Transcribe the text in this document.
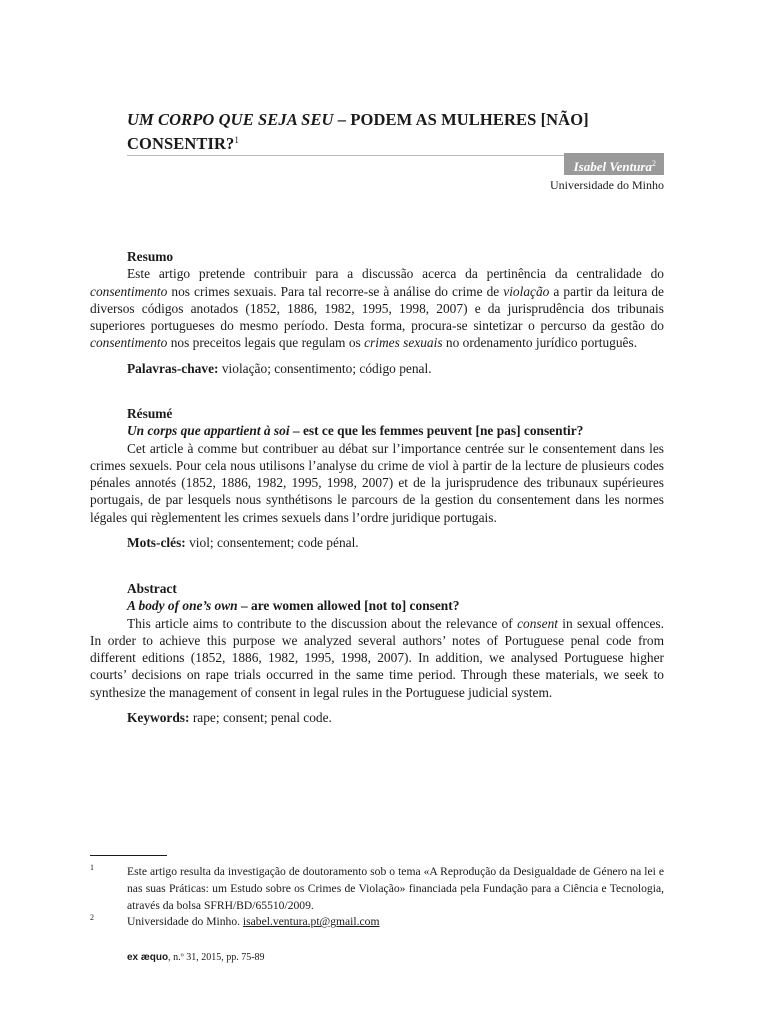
UM CORPO QUE SEJA SEU – PODEM AS MULHERES [NÃO] CONSENTIR?$^1$
Isabel Ventura$^2$
Universidade do Minho
Resumo

Este artigo pretende contribuir para a discussão acerca da pertinência da centralidade do consentimento nos crimes sexuais. Para tal recorre-se à análise do crime de violação a partir da leitura de diversos códigos anotados (1852, 1886, 1982, 1995, 1998, 2007) e da jurisprudência dos tribunais superiores portugueses do mesmo período. Desta forma, procura-se sintetizar o percurso da gestão do consentimento nos preceitos legais que regulam os crimes sexuais no ordenamento jurídico português.

Palavras-chave: violação; consentimento; código penal.
Résumé
Un corps que appartient à soi – est ce que les femmes peuvent [ne pas] consentir?

Cet article à comme but contribuer au débat sur l’importance centrée sur le consentement dans les crimes sexuels. Pour cela nous utilisons l’analyse du crime de viol à partir de la lecture de plusieurs codes pénales annotés (1852, 1886, 1982, 1995, 1998, 2007) et de la jurisprudence des tribunaux supérieures portugais, de par lesquels nous synthétisons le parcours de la gestion du consentement dans les normes légales qui règlementent les crimes sexuels dans l’ordre juridique portugais.

Mots-clés: viol; consentement; code pénal.
Abstract
A body of one’s own – are women allowed [not to] consent?

This article aims to contribute to the discussion about the relevance of consent in sexual offences. In order to achieve this purpose we analyzed several authors’ notes of Portuguese penal code from different editions (1852, 1886, 1982, 1995, 1998, 2007). In addition, we analysed Portuguese higher courts’ decisions on rape trials occurred in the same time period. Through these materials, we seek to synthesize the management of consent in legal rules in the Portuguese judicial system.

Keywords: rape; consent; penal code.
1	Este artigo resulta da investigação de doutoramento sob o tema «A Reprodução da Desigualdade de Género na lei e nas suas Práticas: um Estudo sobre os Crimes de Violação» financiada pela Fundação para a Ciência e Tecnologia, através da bolsa SFRH/BD/65510/2009.
2	Universidade do Minho. isabel.ventura.pt@gmail.com
ex æquo, n.º 31, 2015, pp. 75-89
